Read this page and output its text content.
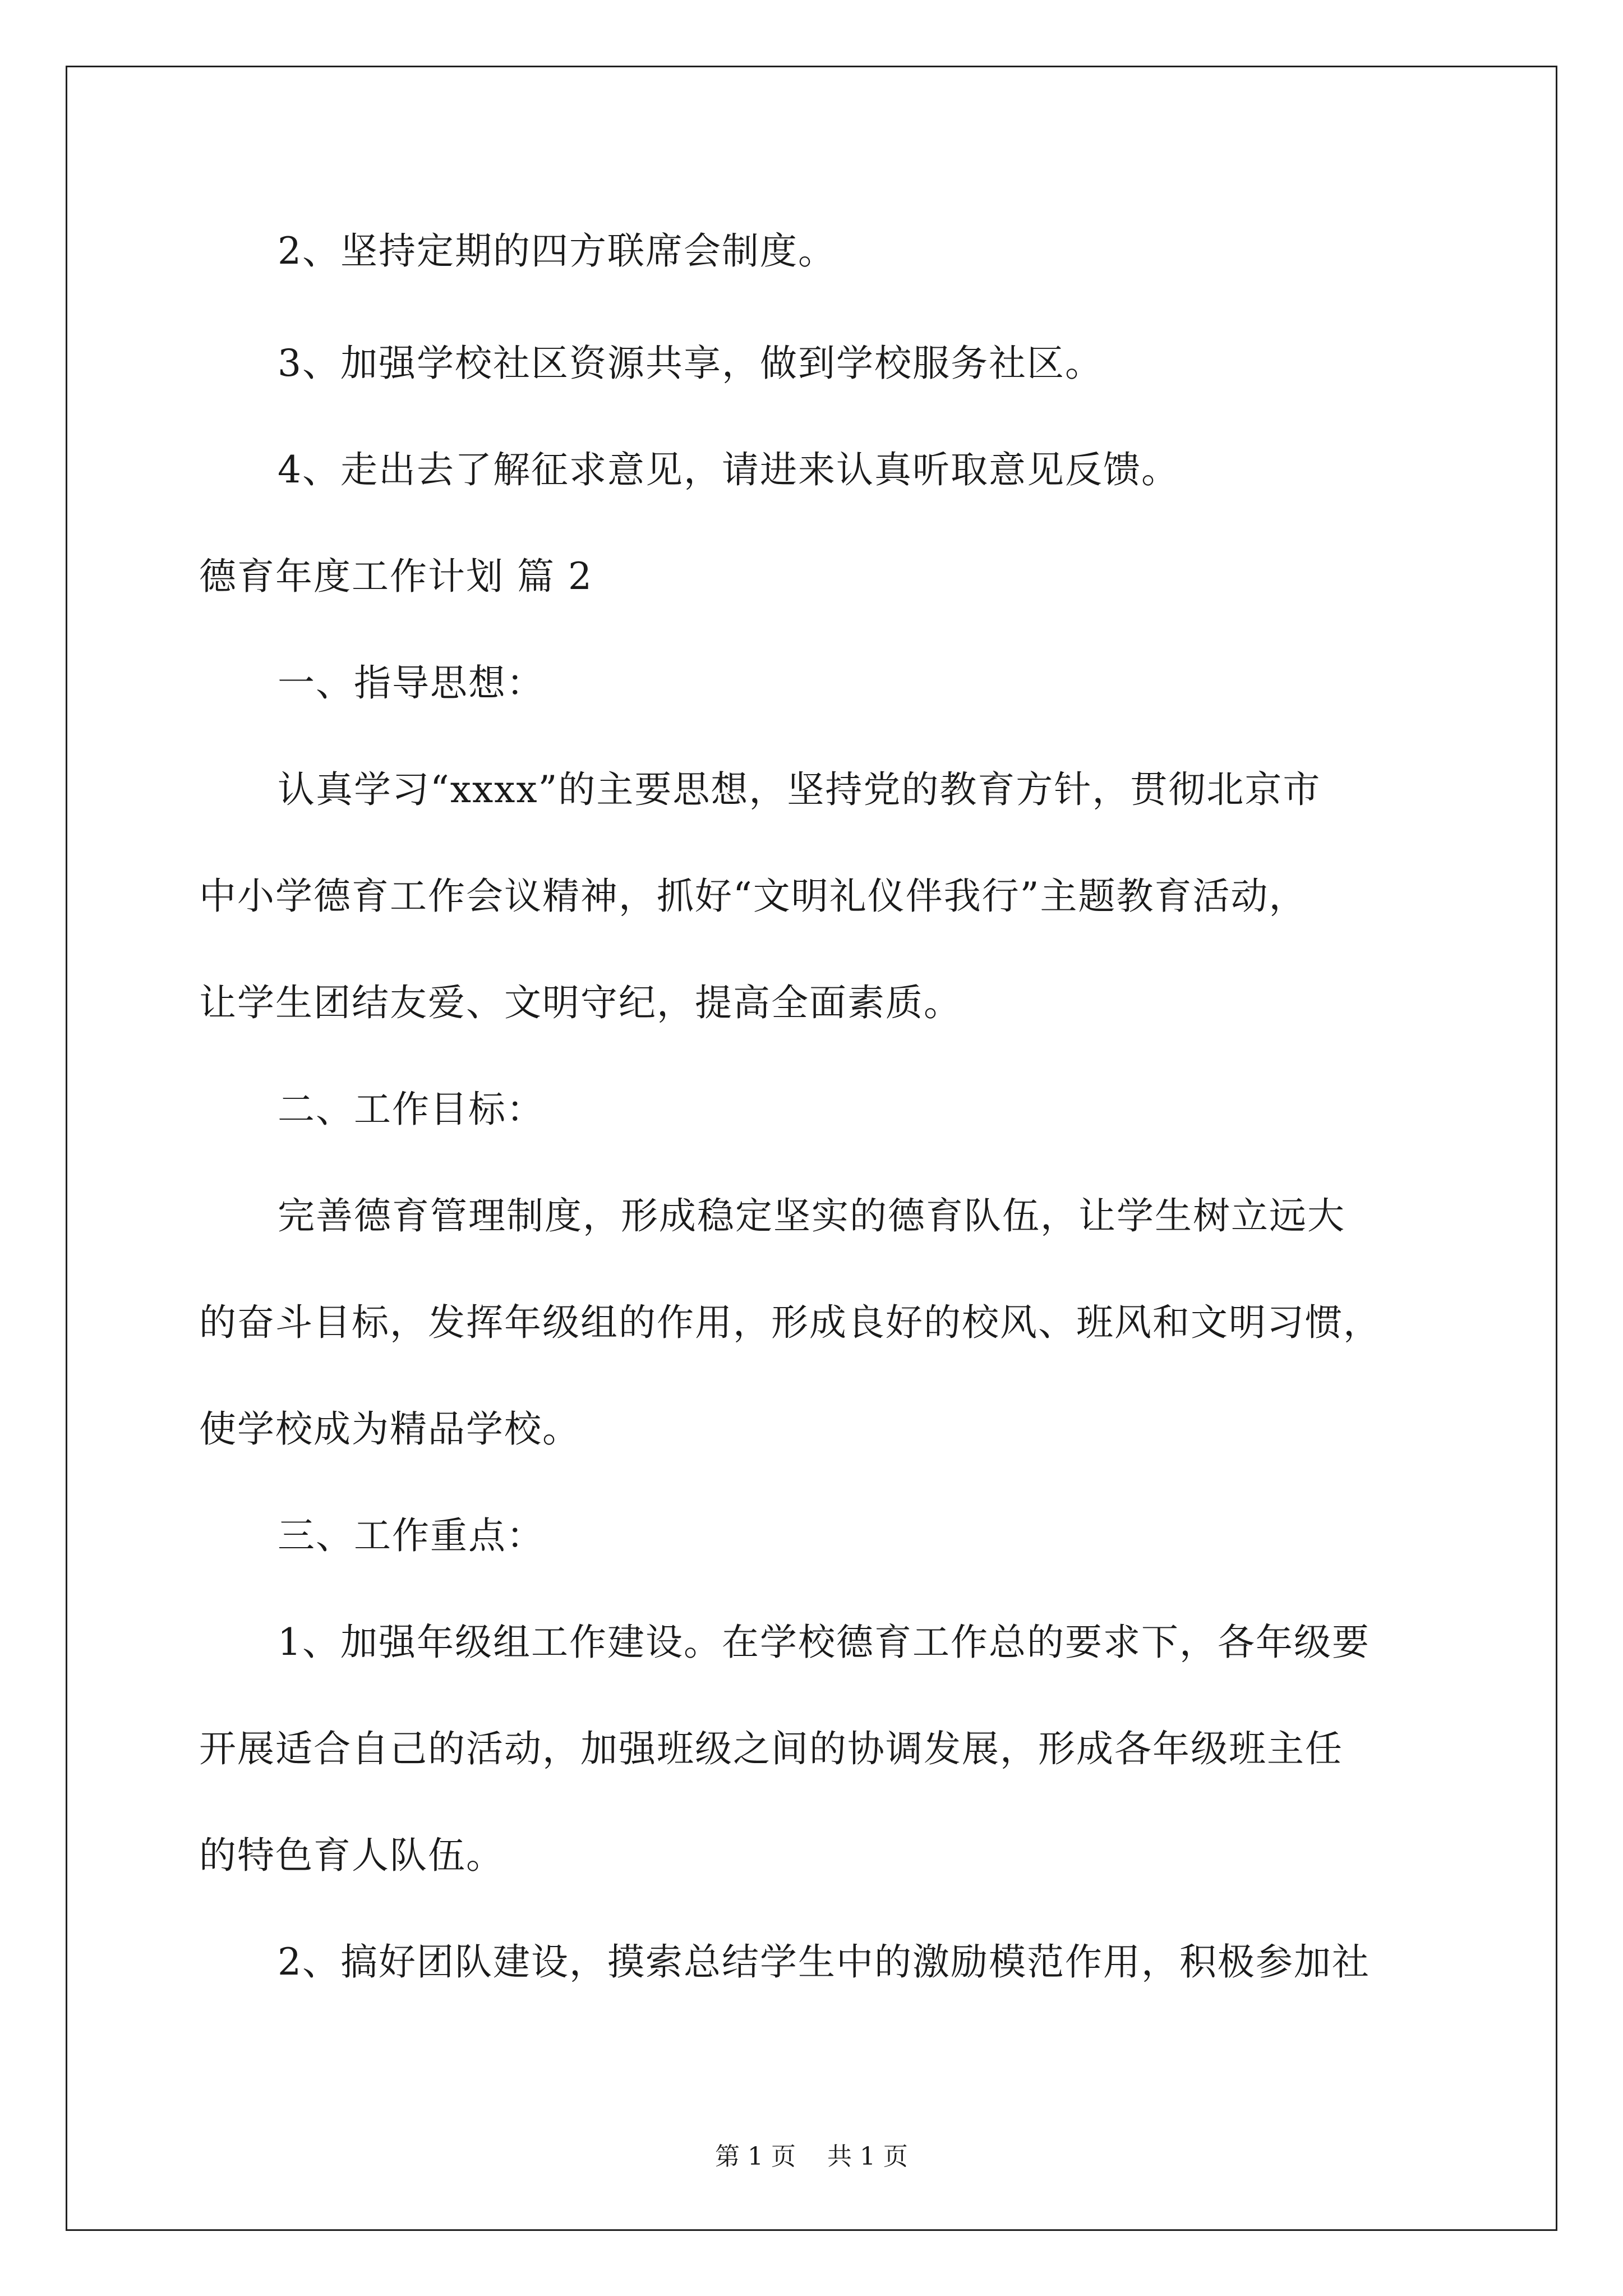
2、坚持定期的四方联席会制度。
3、加强学校社区资源共享，做到学校服务社区。
4、走出去了解征求意见，请进来认真听取意见反馈。
德育年度工作计划 篇 2
一、指导思想：
认真学习“xxxx”的主要思想，坚持党的教育方针，贯彻北京市
中小学德育工作会议精神，抓好“文明礼仪伴我行”主题教育活动，
让学生团结友爱、文明守纪，提高全面素质。
二、工作目标：
完善德育管理制度，形成稳定坚实的德育队伍，让学生树立远大
的奋斗目标，发挥年级组的作用，形成良好的校风、班风和文明习惯，
使学校成为精品学校。
三、工作重点：
1、加强年级组工作建设。在学校德育工作总的要求下，各年级要
开展适合自己的活动，加强班级之间的协调发展，形成各年级班主任
的特色育人队伍。
2、搞好团队建设，摸索总结学生中的激励模范作用，积极参加社
第 1 页    共 1 页
